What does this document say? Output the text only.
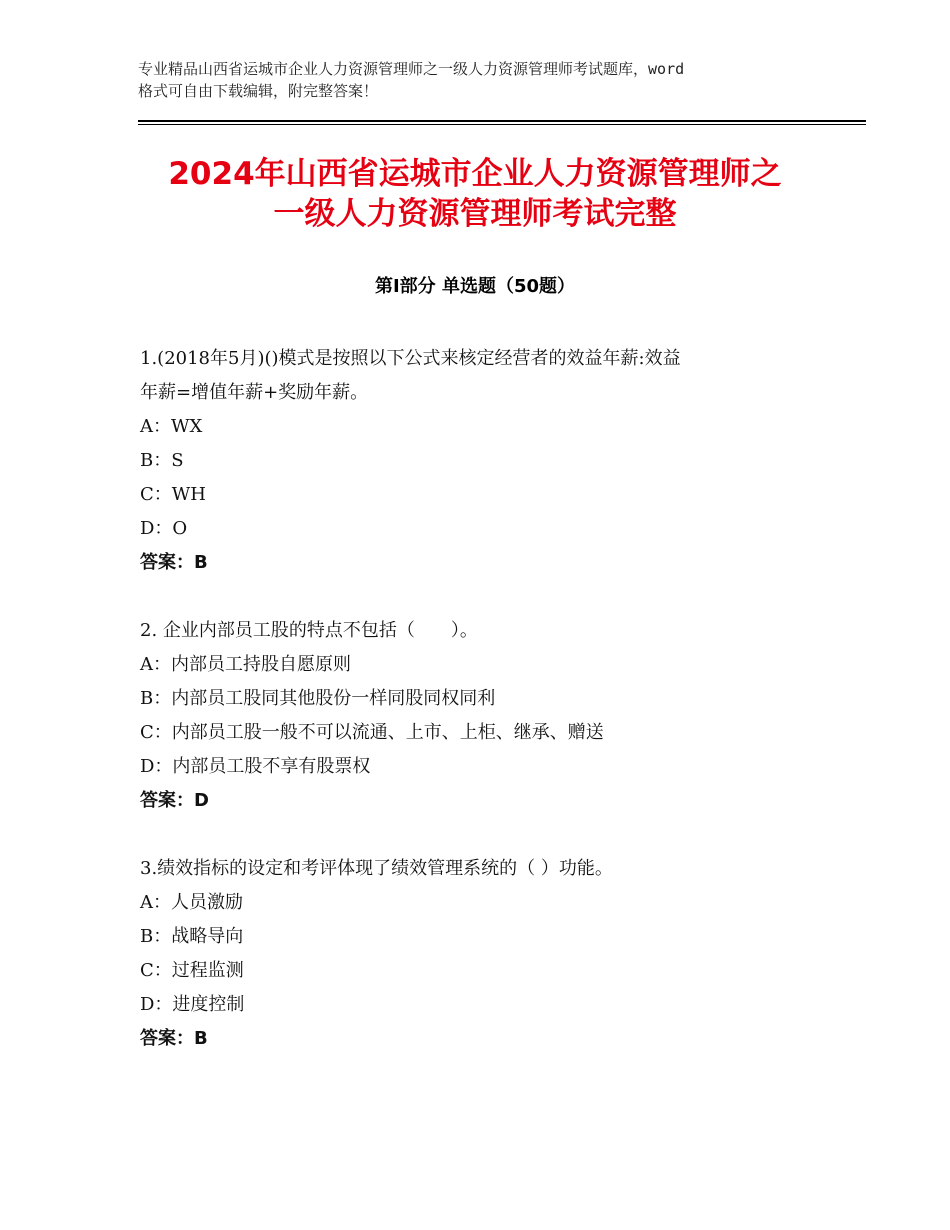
专业精品山西省运城市企业人力资源管理师之一级人力资源管理师考试题库，word
格式可自由下载编辑，附完整答案！
2024年山西省运城市企业人力资源管理师之
一级人力资源管理师考试完整
第Ⅰ部分 单选题（50题）
1.(2018年5月)()模式是按照以下公式来核定经营者的效益年薪:效益
年薪=增值年薪+奖励年薪。
A：WX
B：S
C：WH
D：O
答案：B
2. 企业内部员工股的特点不包括（　　）。
A：内部员工持股自愿原则
B：内部员工股同其他股份一样同股同权同利
C：内部员工股一般不可以流通、上市、上柜、继承、赠送
D：内部员工股不享有股票权
答案：D
3.绩效指标的设定和考评体现了绩效管理系统的（ ）功能。
A：人员激励
B：战略导向
C：过程监测
D：进度控制
答案：B
